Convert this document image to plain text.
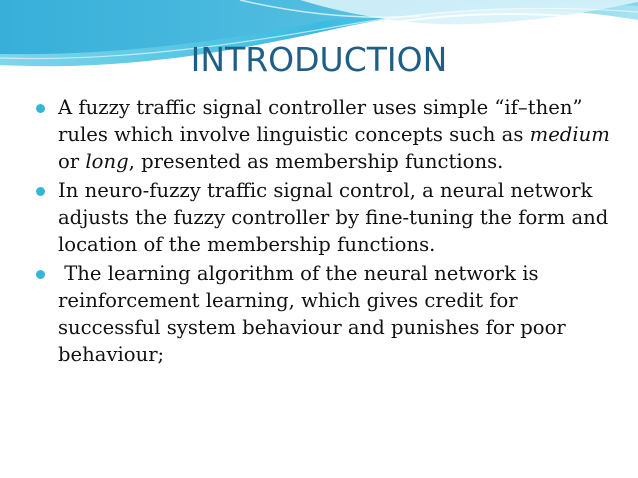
INTRODUCTION
A fuzzy traffic signal controller uses simple “if–then” rules which involve linguistic concepts such as medium or long, presented as membership functions.
In neuro-fuzzy traffic signal control, a neural network adjusts the fuzzy controller by fine-tuning the form and location of the membership functions.
The learning algorithm of the neural network is reinforcement learning, which gives credit for successful system behaviour and punishes for poor behaviour;
